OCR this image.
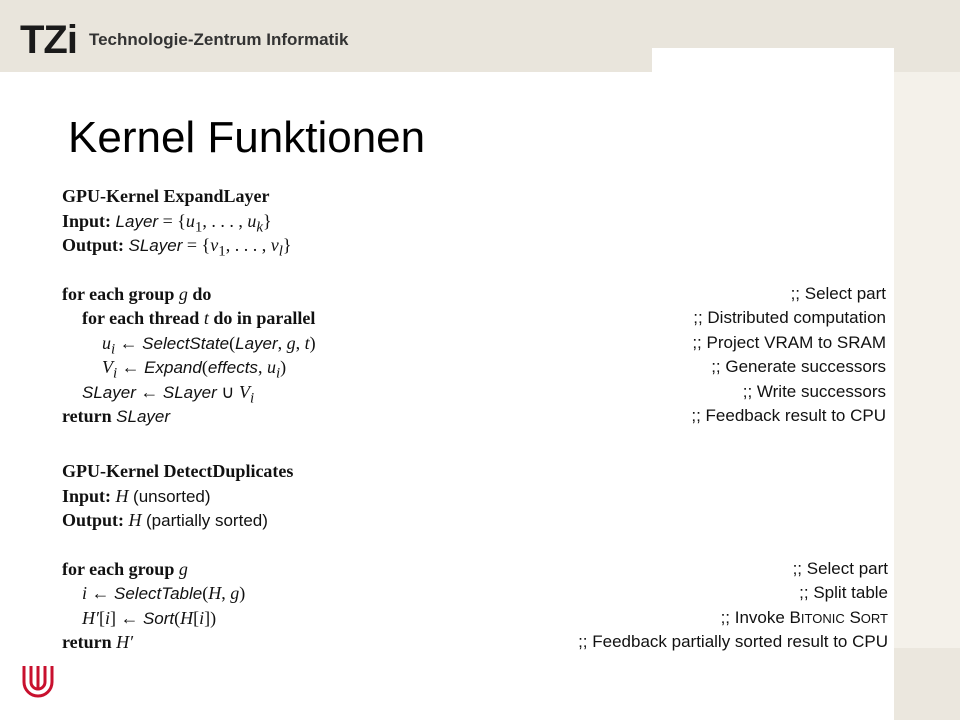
TZi Technologie-Zentrum Informatik
Kernel Funktionen
GPU-Kernel ExpandLayer
Input: Layer = {$u_1$, . . . , $u_k$}
Output: SLayer = {$v_1$, . . . , $v_l$}
for each group g do	;; Select part
for each thread t do in parallel	;; Distributed computation
$u_i$ ← SelectState(Layer, g, t)	;; Project VRAM to SRAM
$V_i$ ← Expand(effects, $u_i$)	;; Generate successors
SLayer ← SLayer ∪ $V_i$	;; Write successors
return SLayer	;; Feedback result to CPU
GPU-Kernel DetectDuplicates
Input: H (unsorted)
Output: H (partially sorted)
for each group g	;; Select part
i ← SelectTable(H, g)	;; Split table
H′[i] ← Sort(H[i])	;; Invoke BITONIC SORT
return H′	;; Feedback partially sorted result to CPU
